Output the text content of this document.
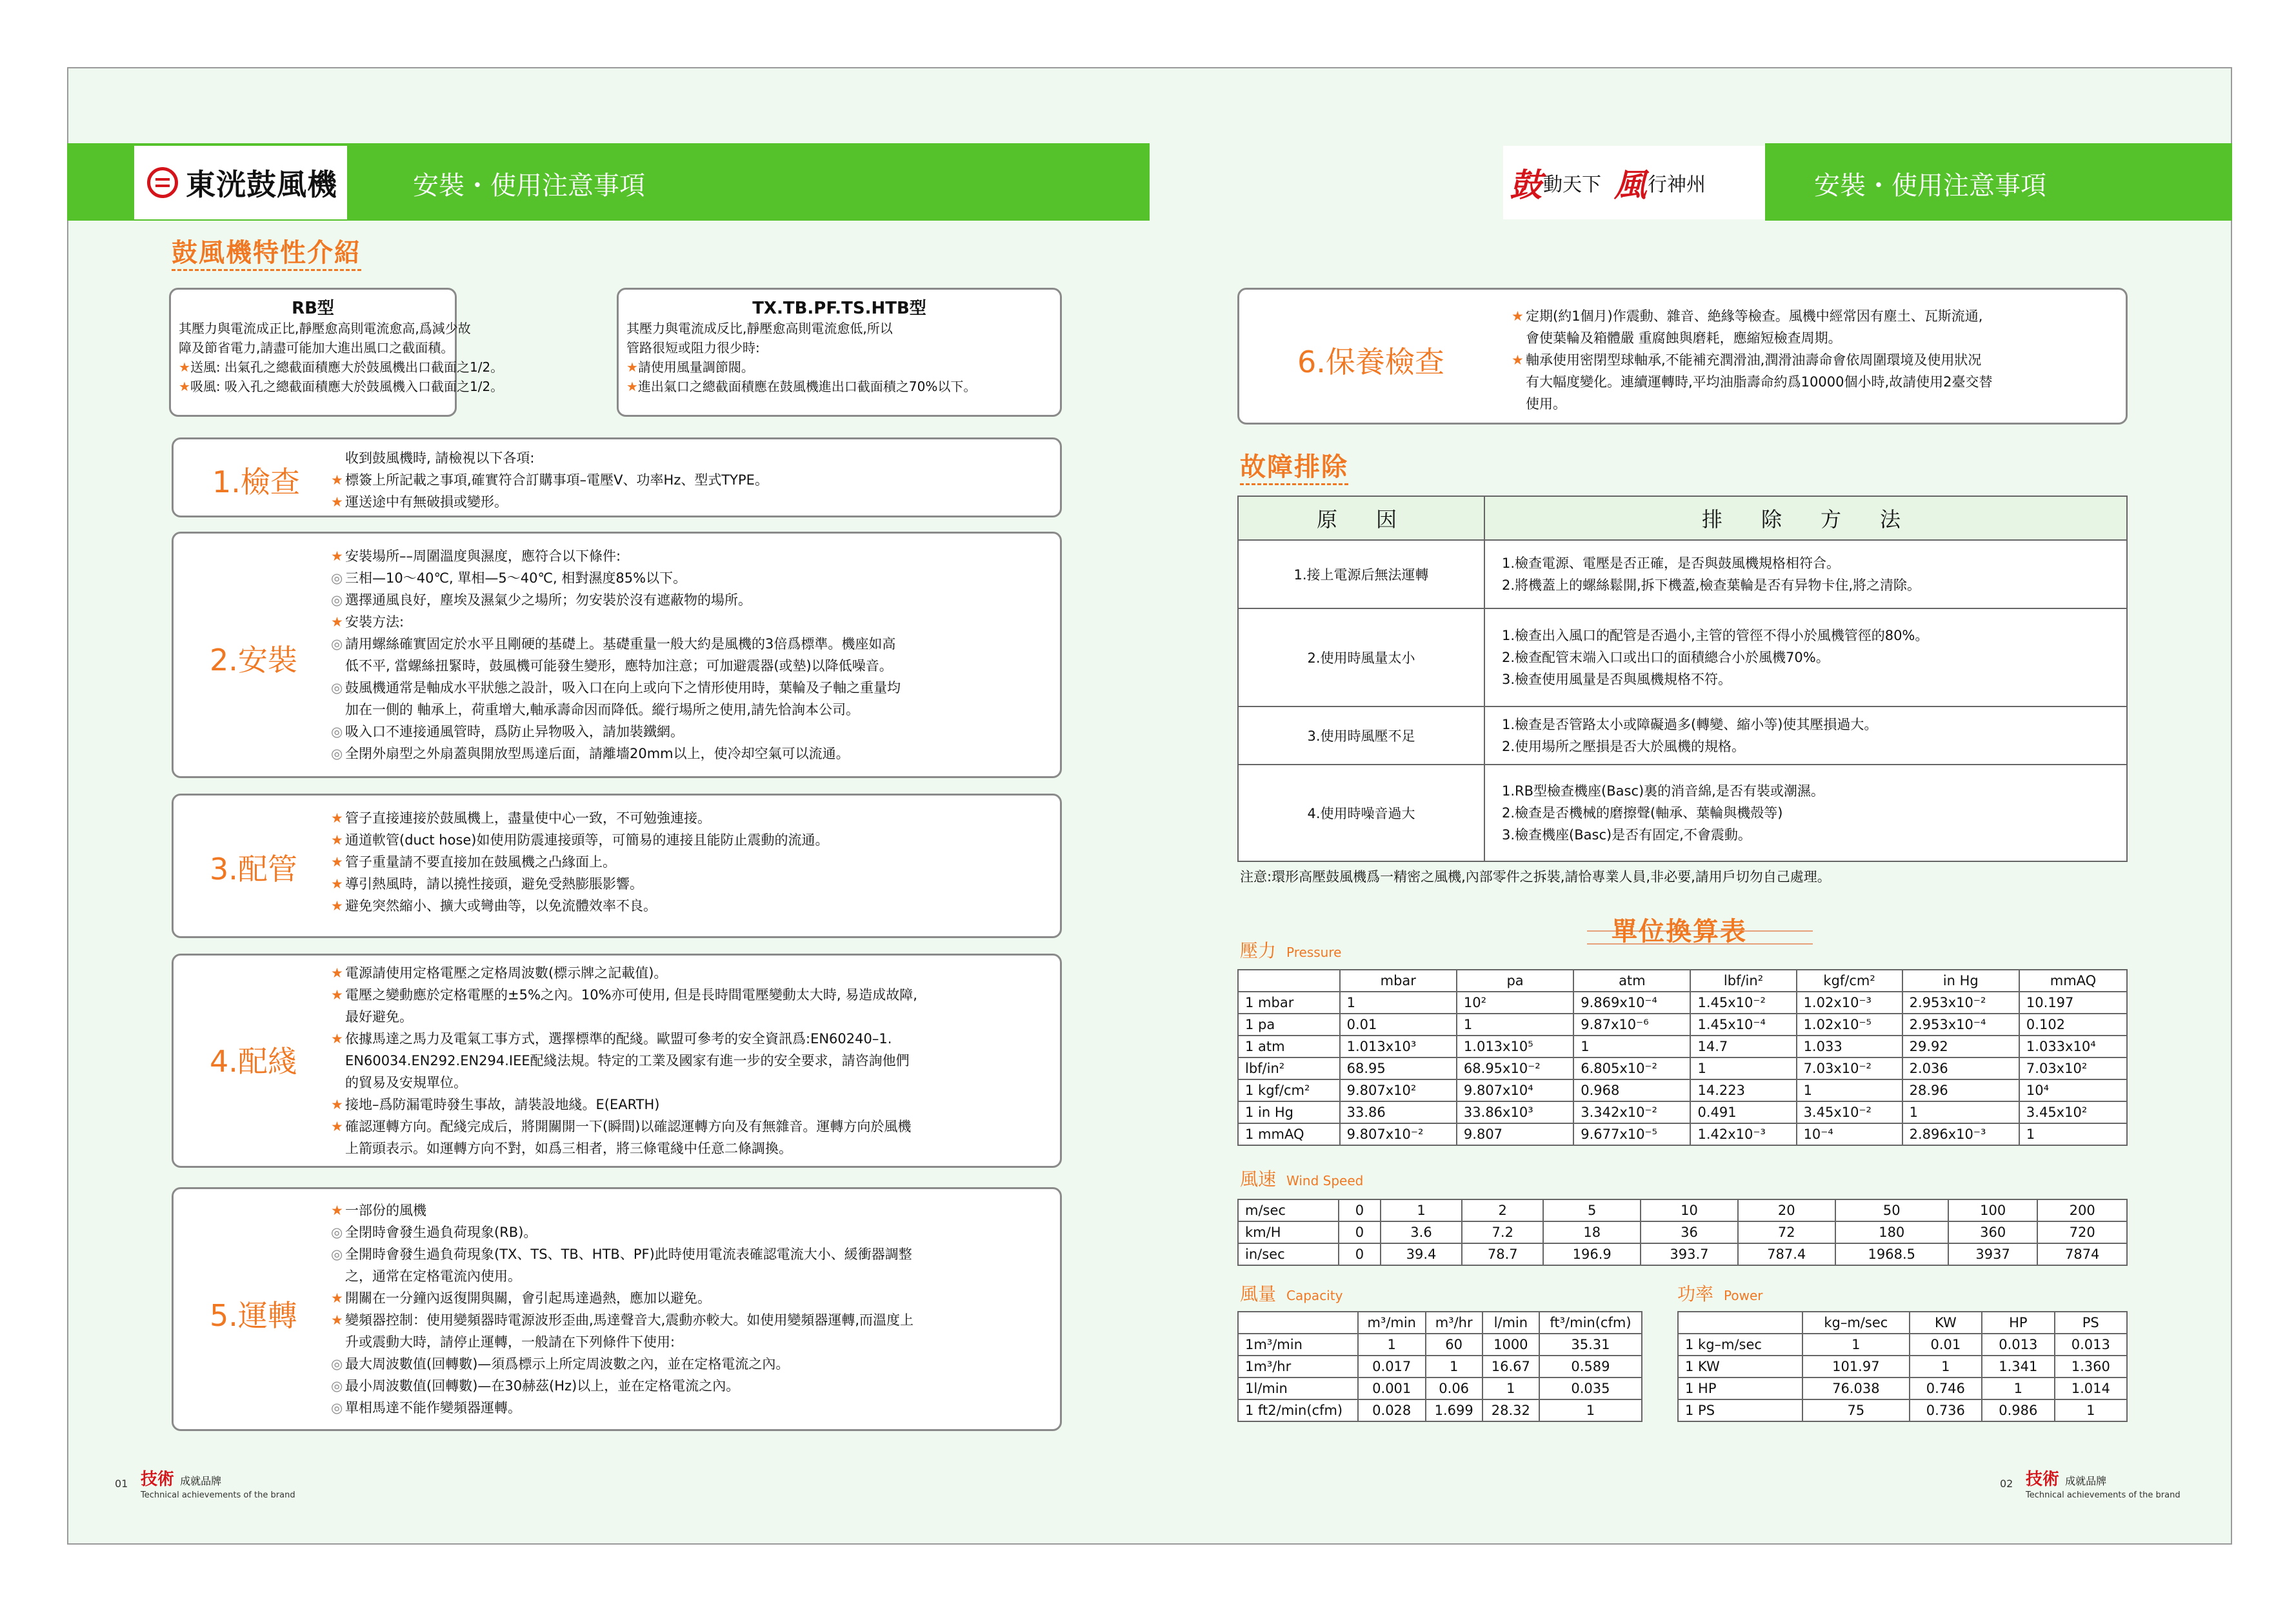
東洸鼓風機	安裝・使用注意事項	鼓 動天下 風 行神州	安裝・使用注意事項
鼓風機特性介紹
RB型
其壓力與電流成正比,靜壓愈高則電流愈高,爲減少故
障及節省電力,請盡可能加大進出風口之截面積。
★送風: 出氣孔之總截面積應大於鼓風機出口截面之1/2。
★吸風: 吸入孔之總截面積應大於鼓風機入口截面之1/2。
TX.TB.PF.TS.HTB型
其壓力與電流成反比,靜壓愈高則電流愈低,所以
管路很短或阻力很少時:
★請使用風量調節閥。
★進出氣口之總截面積應在鼓風機進出口截面積之70%以下。
1.檢查
收到鼓風機時, 請檢視以下各項:
★ 標簽上所記載之事項,確實符合訂購事項–電壓V、功率Hz、型式TYPE。
★ 運送途中有無破損或變形。
2.安裝
★ 安裝場所––周圍溫度與濕度，應符合以下條件:
◎ 三相—10～40℃, 單相—5～40℃, 相對濕度85%以下。
◎ 選擇通風良好，塵埃及濕氣少之場所；勿安裝於沒有遮蔽物的場所。
★ 安裝方法:
◎ 請用螺絲確實固定於水平且剛硬的基礎上。基礎重量一般大約是風機的3倍爲標準。機座如高
低不平, 當螺絲扭緊時，鼓風機可能發生變形，應特加注意；可加避震器(或墊)以降低噪音。
◎ 鼓風機通常是軸成水平狀態之設計，吸入口在向上或向下之情形使用時，葉輪及子軸之重量均
加在一側的 軸承上，荷重增大,軸承壽命因而降低。縱行場所之使用,請先恰詢本公司。
◎ 吸入口不連接通風管時，爲防止异物吸入，請加裝鐵網。
◎ 全閉外扇型之外扇蓋與開放型馬達后面，請離墻20mm以上，使冷却空氣可以流通。
3.配管
★ 管子直接連接於鼓風機上，盡量使中心一致，不可勉強連接。
★ 通道軟管(duct hose)如使用防震連接頭等，可簡易的連接且能防止震動的流通。
★ 管子重量請不要直接加在鼓風機之凸緣面上。
★ 導引熱風時，請以撓性接頭，避免受熱膨脹影響。
★ 避免突然縮小、擴大或彎曲等，以免流體效率不良。
4.配綫
★ 電源請使用定格電壓之定格周波數(標示牌之記載值)。
★ 電壓之變動應於定格電壓的±5%之內。10%亦可使用, 但是長時間電壓變動太大時, 易造成故障,
最好避免。
★ 依據馬達之馬力及電氣工事方式，選擇標準的配綫。歐盟可參考的安全資訊爲:EN60240–1.
EN60034.EN292.EN294.IEE配綫法規。特定的工業及國家有進一步的安全要求，請咨詢他們
的貿易及安規單位。
★ 接地–爲防漏電時發生事故，請裝設地綫。E(EARTH)
★ 確認運轉方向。配綫完成后，將開關開一下(瞬間)以確認運轉方向及有無雜音。運轉方向於風機
上箭頭表示。如運轉方向不對，如爲三相者，將三條電綫中任意二條調換。
5.運轉
★ 一部份的風機
◎ 全閉時會發生過負荷現象(RB)。
◎ 全開時會發生過負荷現象(TX、TS、TB、HTB、PF)此時使用電流表確認電流大小、緩衝器調整
之，通常在定格電流內使用。
★ 開關在一分鐘內返復開與關，會引起馬達過熱，應加以避免。
★ 變頻器控制：使用變頻器時電源波形歪曲,馬達聲音大,震動亦較大。如使用變頻器運轉,而溫度上
升或震動大時，請停止運轉，一般請在下列條件下使用:
◎ 最大周波數值(回轉數)—須爲標示上所定周波數之內，並在定格電流之內。
◎ 最小周波數值(回轉數)—在30赫茲(Hz)以上，並在定格電流之內。
◎ 單相馬達不能作變頻器運轉。
01 技術 成就品牌
Technical achievements of the brand
6.保養檢查
★ 定期(約1個月)作震動、雜音、絶緣等檢查。風機中經常因有塵土、瓦斯流通,
會使葉輪及箱體嚴 重腐蝕與磨耗，應縮短檢查周期。
★ 軸承使用密閉型球軸承,不能補充潤滑油,潤滑油壽命會依周圍環境及使用狀况
有大幅度變化。連續運轉時,平均油脂壽命約爲10000個小時,故請使用2臺交替
使用。
故障排除
原　因	排　除　方　法
1.接上電源后無法運轉	1.檢查電源、電壓是否正確，是否與鼓風機規格相符合。
2.將機蓋上的螺絲鬆開,拆下機蓋,檢查葉輪是否有异物卡住,將之清除。

2.使用時風量太小	1.檢查出入風口的配管是否過小,主管的管徑不得小於風機管徑的80%。
2.檢查配管末端入口或出口的面積總合小於風機70%。
3.檢查使用風量是否與風機規格不符。

3.使用時風壓不足	1.檢查是否管路太小或障礙過多(轉變、縮小等)使其壓損過大。
2.使用場所之壓損是否大於風機的規格。

4.使用時噪音過大	1.RB型檢查機座(Basc)裏的消音綿,是否有裝或潮濕。
2.檢查是否機械的磨擦聲(軸承、葉輪與機殻等)
3.檢查機座(Basc)是否有固定,不會震動。
注意:環形高壓鼓風機爲一精密之風機,內部零件之拆裝,請恰專業人員,非必要,請用戶切勿自己處理。
單位換算表
壓力 Pressure
	mbar	pa	atm	lbf/in²	kgf/cm²	in Hg	mmAQ
1 mbar	1	10²	9.869x10⁻⁴	1.45x10⁻²	1.02x10⁻³	2.953x10⁻²	10.197
1 pa	0.01	1	9.87x10⁻⁶	1.45x10⁻⁴	1.02x10⁻⁵	2.953x10⁻⁴	0.102
1 atm	1.013x10³	1.013x10⁵	1	14.7	1.033	29.92	1.033x10⁴
lbf/in²	68.95	68.95x10⁻²	6.805x10⁻²	1	7.03x10⁻²	2.036	7.03x10²
1 kgf/cm²	9.807x10²	9.807x10⁴	0.968	14.223	1	28.96	10⁴
1 in Hg	33.86	33.86x10³	3.342x10⁻²	0.491	3.45x10⁻²	1	3.45x10²
1 mmAQ	9.807x10⁻²	9.807	9.677x10⁻⁵	1.42x10⁻³	10⁻⁴	2.896x10⁻³	1
風速 Wind Speed
m/sec	0	1	2	5	10	20	50	100	200
km/H	0	3.6	7.2	18	36	72	180	360	720
in/sec	0	39.4	78.7	196.9	393.7	787.4	1968.5	3937	7874
風量 Capacity
	m³/min	m³/hr	l/min	ft³/min(cfm)
1m³/min	1	60	1000	35.31
1m³/hr	0.017	1	16.67	0.589
1l/min	0.001	0.06	1	0.035
1 ft2/min(cfm)	0.028	1.699	28.32	1
功率 Power
	kg–m/sec	KW	HP	PS
1 kg–m/sec	1	0.01	0.013	0.013
1 KW	101.97	1	1.341	1.360
1 HP	76.038	0.746	1	1.014
1 PS	75	0.736	0.986	1
02 技術 成就品牌
Technical achievements of the brand
